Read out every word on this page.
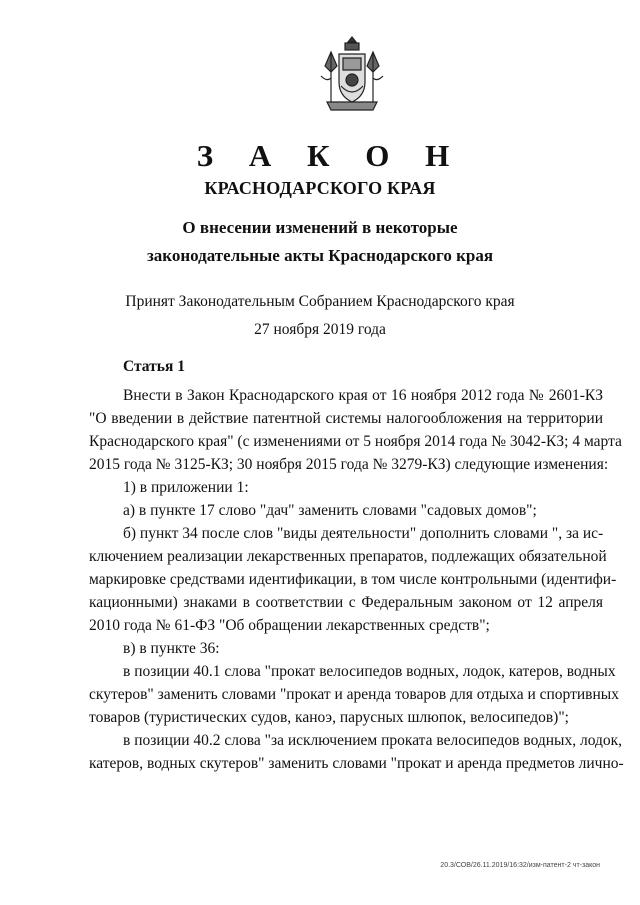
З А К О Н
КРАСНОДАРСКОГО КРАЯ
О внесении изменений в некоторые
законодательные акты Краснодарского края
Принят Законодательным Собранием Краснодарского края
27 ноября 2019 года
Статья 1
Внести в Закон Краснодарского края от 16 ноября 2012 года № 2601-КЗ
"О введении в действие патентной системы налогообложения на территории
Краснодарского края" (с изменениями от 5 ноября 2014 года № 3042-КЗ; 4 марта
2015 года № 3125-КЗ; 30 ноября 2015 года № 3279-КЗ) следующие изменения:
1) в приложении 1:
а) в пункте 17 слово "дач" заменить словами "садовых домов";
б) пункт 34 после слов "виды деятельности" дополнить словами ", за ис-
ключением реализации лекарственных препаратов, подлежащих обязательной
маркировке средствами идентификации, в том числе контрольными (идентифи-
кационными) знаками в соответствии с Федеральным законом от 12 апреля
2010 года № 61-ФЗ "Об обращении лекарственных средств";
в) в пункте 36:
в позиции 40.1 слова "прокат велосипедов водных, лодок, катеров, водных
скутеров" заменить словами "прокат и аренда товаров для отдыха и спортивных
товаров (туристических судов, каноэ, парусных шлюпок, велосипедов)";
в позиции 40.2 слова "за исключением проката велосипедов водных, лодок,
катеров, водных скутеров" заменить словами "прокат и аренда предметов лично-
20.3/СОВ/26.11.2019/16:32/изм-патент-2 чт-закон
